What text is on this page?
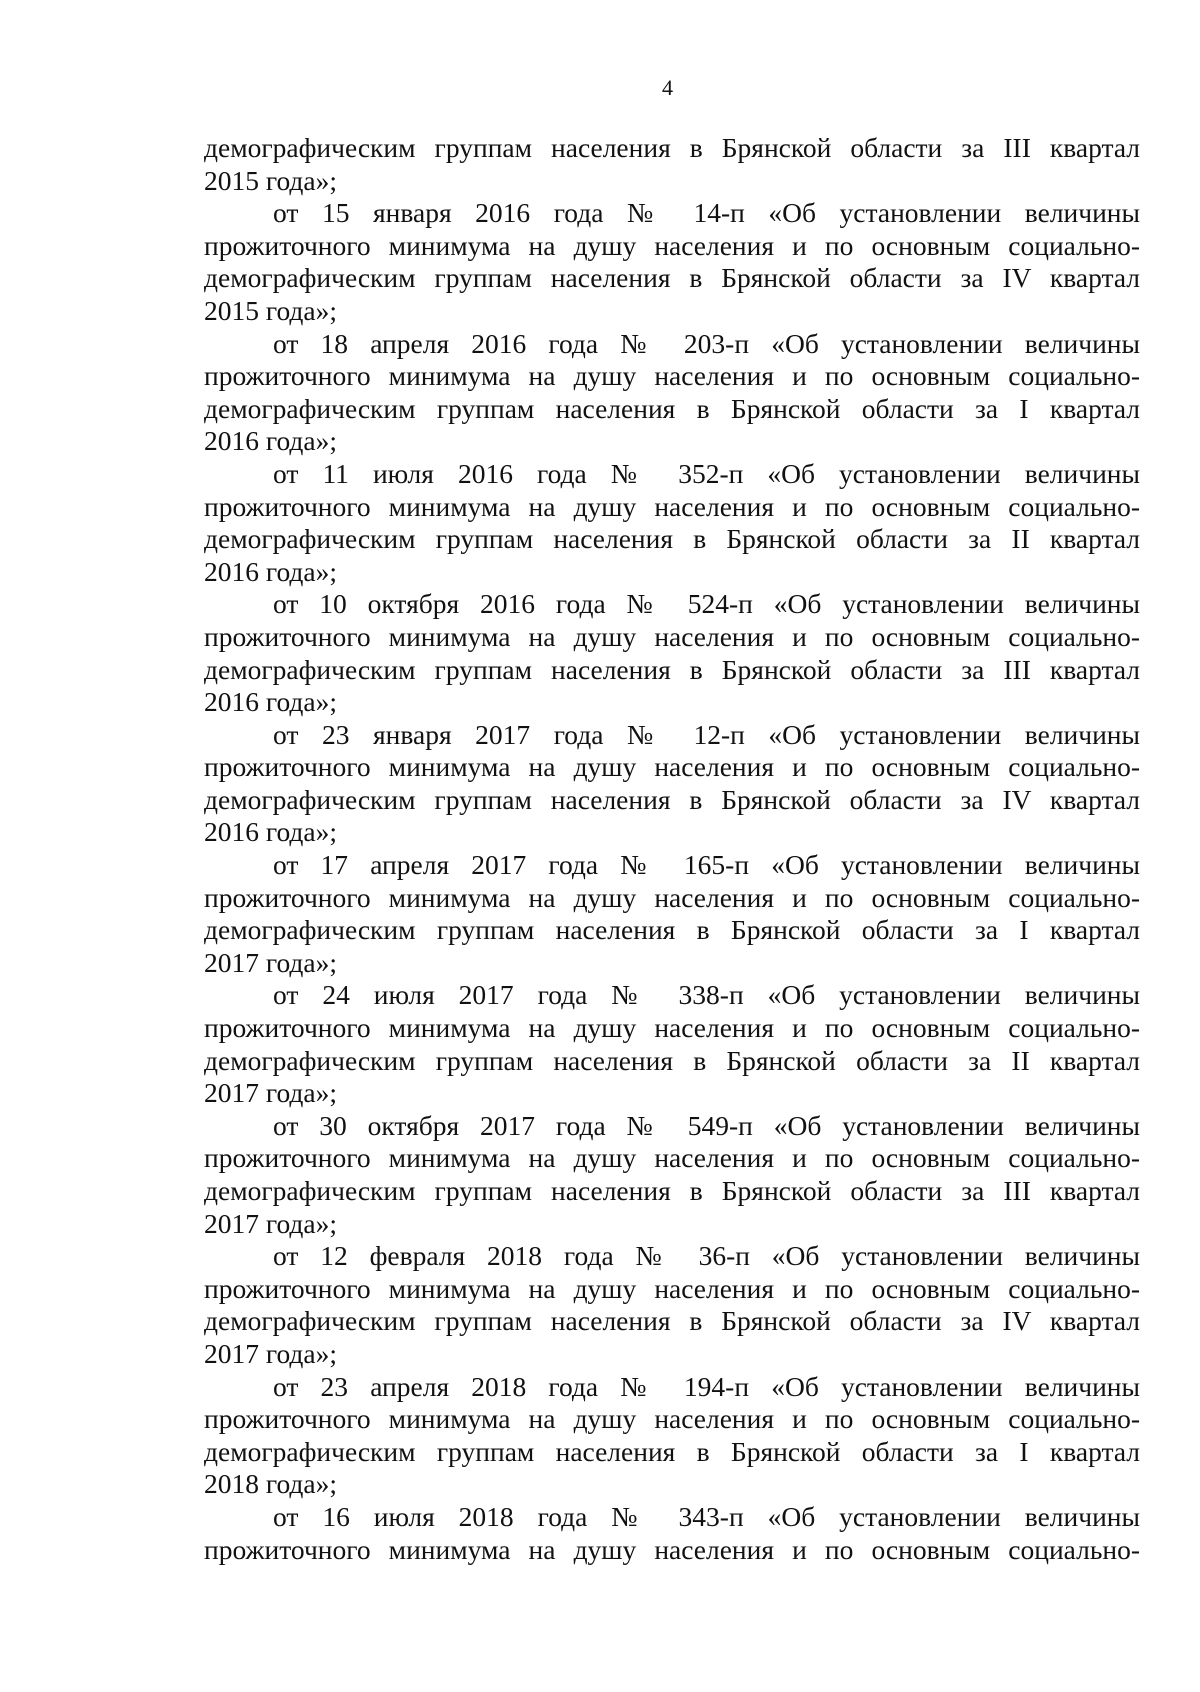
4
демографическим группам населения в Брянской области за III квартал
2015 года»;
от 15 января 2016 года № 14-п «Об установлении величины
прожиточного минимума на душу населения и по основным социально-
демографическим группам населения в Брянской области за IV квартал
2015 года»;
от 18 апреля 2016 года № 203-п «Об установлении величины
прожиточного минимума на душу населения и по основным социально-
демографическим группам населения в Брянской области за I квартал
2016 года»;
от 11 июля 2016 года № 352-п «Об установлении величины
прожиточного минимума на душу населения и по основным социально-
демографическим группам населения в Брянской области за II квартал
2016 года»;
от 10 октября 2016 года № 524-п «Об установлении величины
прожиточного минимума на душу населения и по основным социально-
демографическим группам населения в Брянской области за III квартал
2016 года»;
от 23 января 2017 года № 12-п «Об установлении величины
прожиточного минимума на душу населения и по основным социально-
демографическим группам населения в Брянской области за IV квартал
2016 года»;
от 17 апреля 2017 года № 165-п «Об установлении величины
прожиточного минимума на душу населения и по основным социально-
демографическим группам населения в Брянской области за I квартал
2017 года»;
от 24 июля 2017 года № 338-п «Об установлении величины
прожиточного минимума на душу населения и по основным социально-
демографическим группам населения в Брянской области за II квартал
2017 года»;
от 30 октября 2017 года № 549-п «Об установлении величины
прожиточного минимума на душу населения и по основным социально-
демографическим группам населения в Брянской области за III квартал
2017 года»;
от 12 февраля 2018 года № 36-п «Об установлении величины
прожиточного минимума на душу населения и по основным социально-
демографическим группам населения в Брянской области за IV квартал
2017 года»;
от 23 апреля 2018 года № 194-п «Об установлении величины
прожиточного минимума на душу населения и по основным социально-
демографическим группам населения в Брянской области за I квартал
2018 года»;
от 16 июля 2018 года № 343-п «Об установлении величины
прожиточного минимума на душу населения и по основным социально-
